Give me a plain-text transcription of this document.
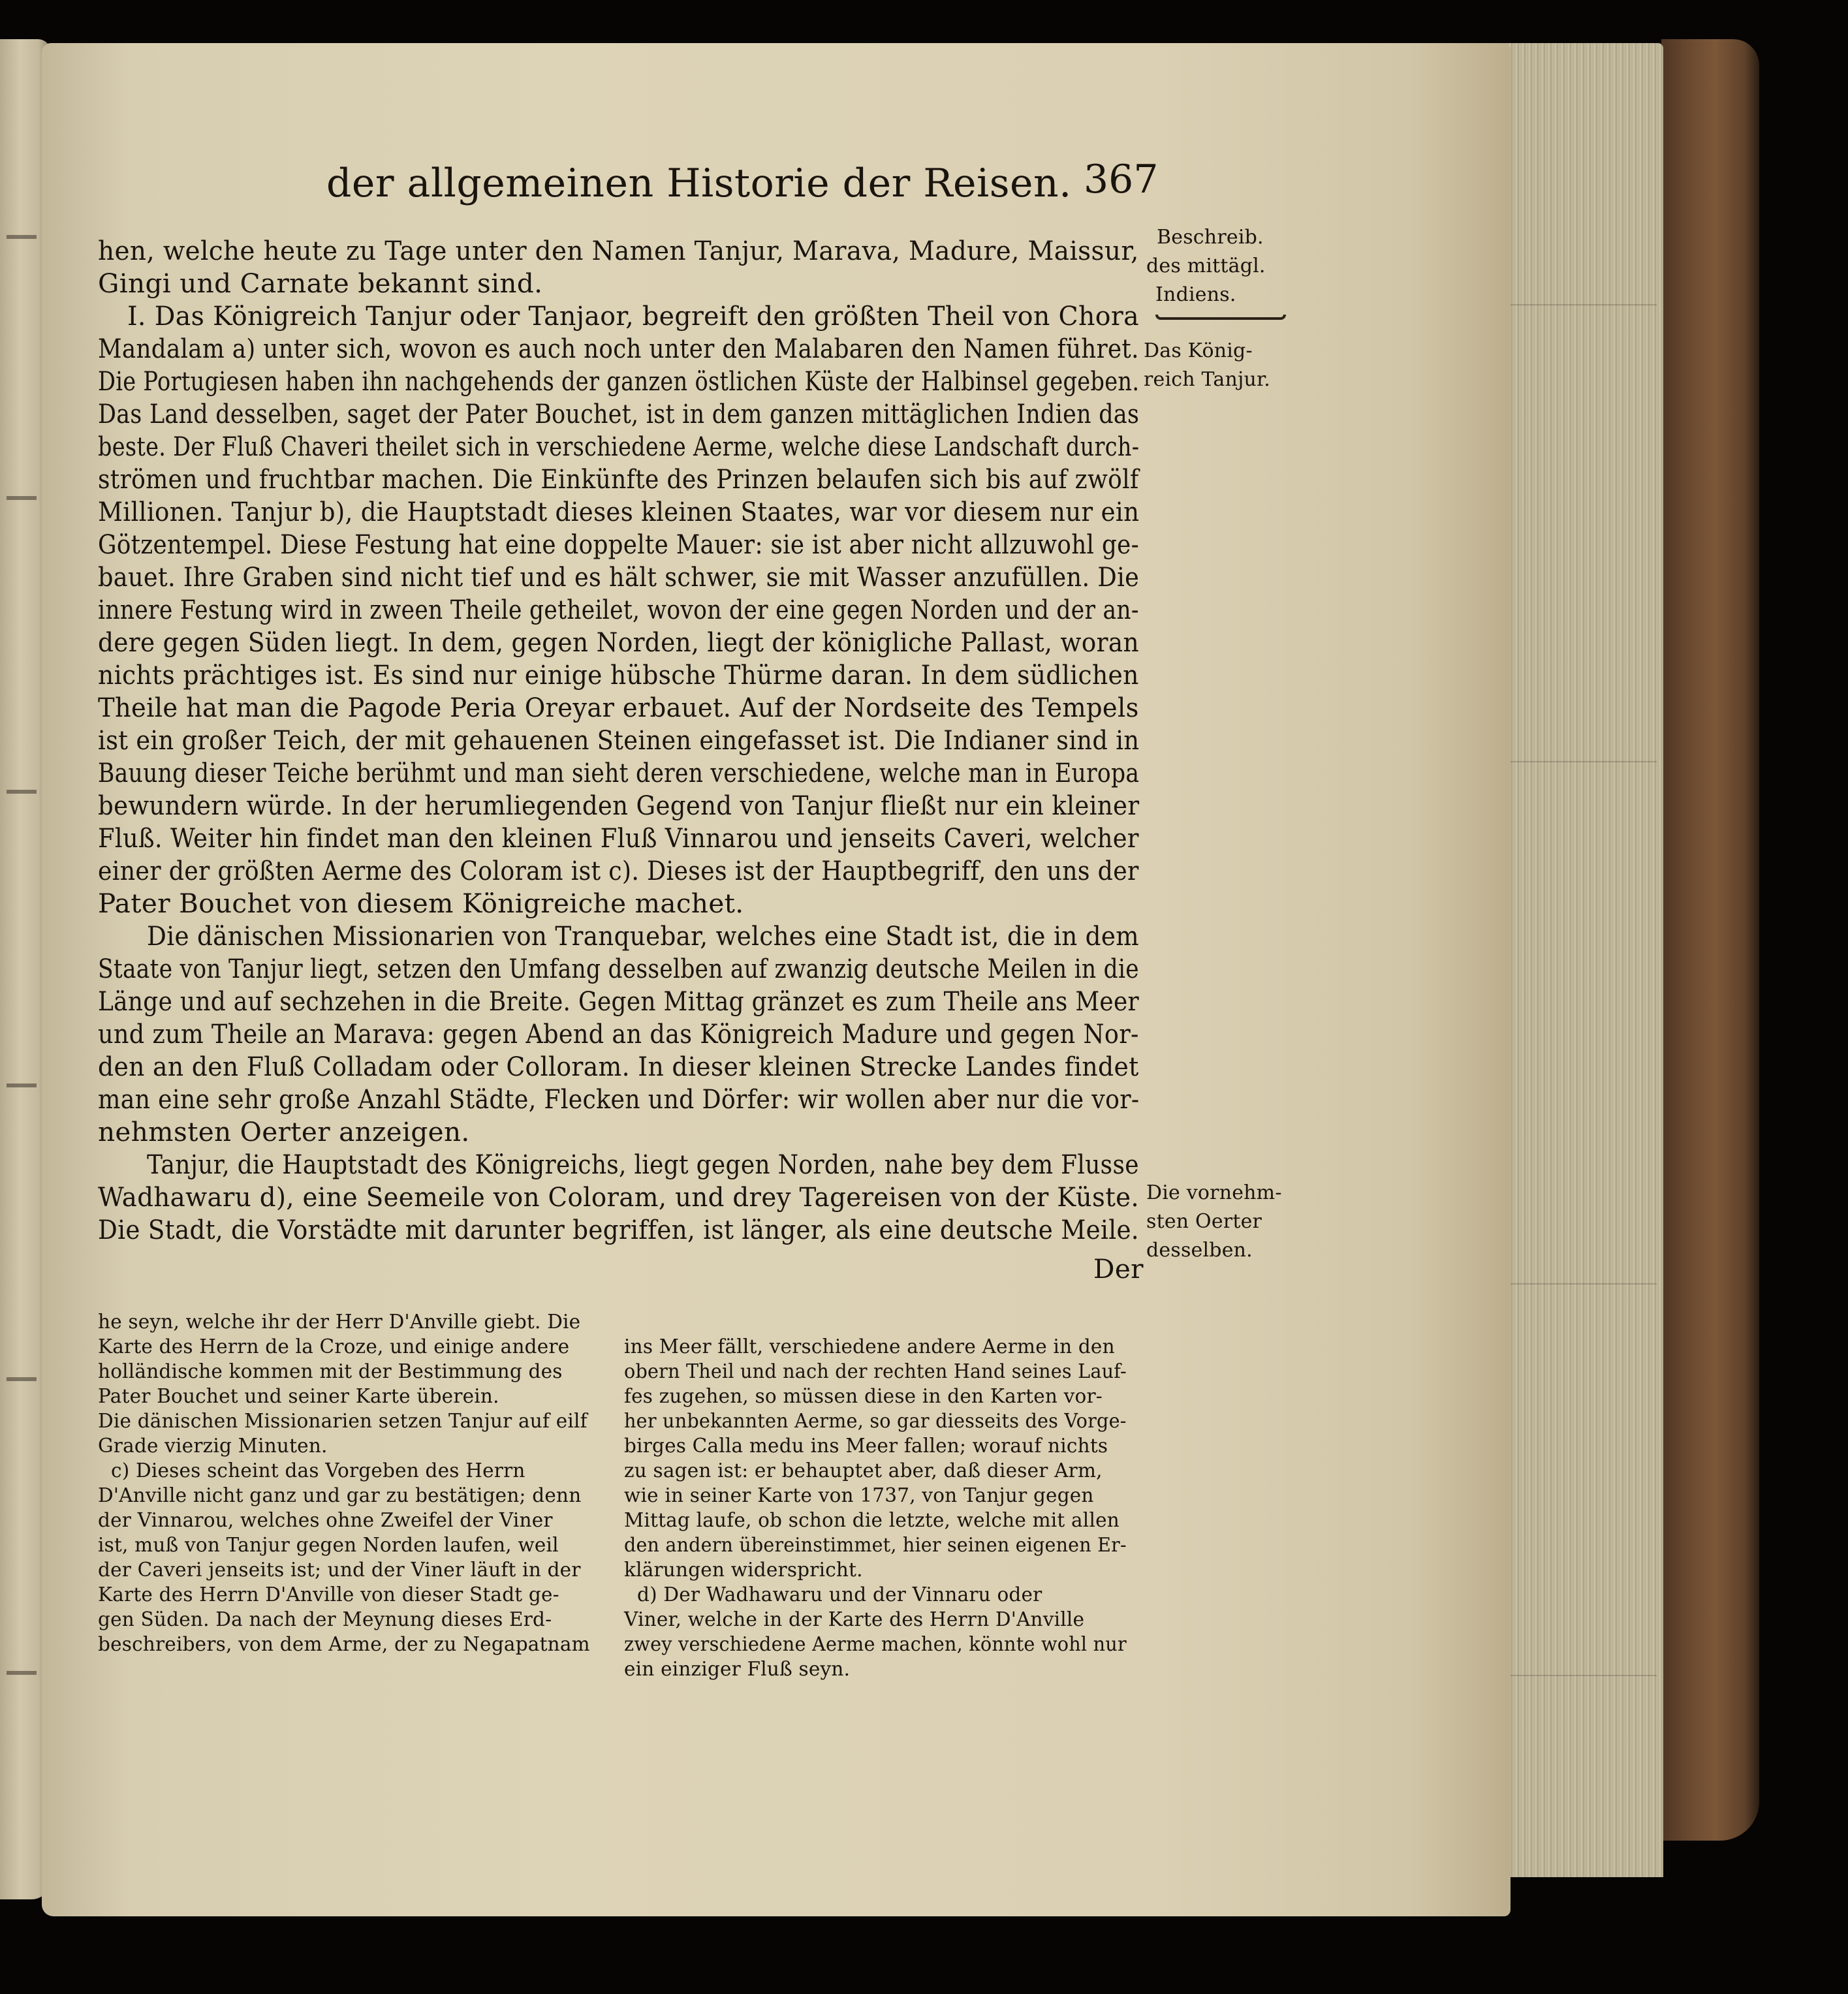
der allgemeinen Historie der Reisen. 367
hen, welche heute zu Tage unter den Namen Tanjur, Marava, Madure, Maissur,
Gingi und Carnate bekannt sind.
I. Das Königreich Tanjur oder Tanjaor, begreift den größten Theil von Chora
Mandalam a) unter sich, wovon es auch noch unter den Malabaren den Namen führet.
Die Portugiesen haben ihn nachgehends der ganzen östlichen Küste der Halbinsel gegeben.
Das Land desselben, saget der Pater Bouchet, ist in dem ganzen mittäglichen Indien das
beste. Der Fluß Chaveri theilet sich in verschiedene Aerme, welche diese Landschaft durch-
strömen und fruchtbar machen. Die Einkünfte des Prinzen belaufen sich bis auf zwölf
Millionen. Tanjur b), die Hauptstadt dieses kleinen Staates, war vor diesem nur ein
Götzentempel. Diese Festung hat eine doppelte Mauer: sie ist aber nicht allzuwohl ge-
bauet. Ihre Graben sind nicht tief und es hält schwer, sie mit Wasser anzufüllen. Die
innere Festung wird in zween Theile getheilet, wovon der eine gegen Norden und der an-
dere gegen Süden liegt. In dem, gegen Norden, liegt der königliche Pallast, woran
nichts prächtiges ist. Es sind nur einige hübsche Thürme daran. In dem südlichen
Theile hat man die Pagode Peria Oreyar erbauet. Auf der Nordseite des Tempels
ist ein großer Teich, der mit gehauenen Steinen eingefasset ist. Die Indianer sind in
Bauung dieser Teiche berühmt und man sieht deren verschiedene, welche man in Europa
bewundern würde. In der herumliegenden Gegend von Tanjur fließt nur ein kleiner
Fluß. Weiter hin findet man den kleinen Fluß Vinnarou und jenseits Caveri, welcher
einer der größten Aerme des Coloram ist c). Dieses ist der Hauptbegriff, den uns der
Pater Bouchet von diesem Königreiche machet.
Die dänischen Missionarien von Tranquebar, welches eine Stadt ist, die in dem
Staate von Tanjur liegt, setzen den Umfang desselben auf zwanzig deutsche Meilen in die
Länge und auf sechzehen in die Breite. Gegen Mittag gränzet es zum Theile ans Meer
und zum Theile an Marava: gegen Abend an das Königreich Madure und gegen Nor-
den an den Fluß Colladam oder Colloram. In dieser kleinen Strecke Landes findet
man eine sehr große Anzahl Städte, Flecken und Dörfer: wir wollen aber nur die vor-
nehmsten Oerter anzeigen.
Tanjur, die Hauptstadt des Königreichs, liegt gegen Norden, nahe bey dem Flusse
Wadhawaru d), eine Seemeile von Coloram, und drey Tagereisen von der Küste.
Die Stadt, die Vorstädte mit darunter begriffen, ist länger, als eine deutsche Meile.
Der
Beschreib.
des mittägl.
Indiens.
Das König-
reich Tanjur.
Die vornehm-
sten Oerter
desselben.
he seyn, welche ihr der Herr D'Anville giebt. Die
Karte des Herrn de la Croze, und einige andere
holländische kommen mit der Bestimmung des
Pater Bouchet und seiner Karte überein.
Die dänischen Missionarien setzen Tanjur auf eilf
Grade vierzig Minuten.
c) Dieses scheint das Vorgeben des Herrn
D'Anville nicht ganz und gar zu bestätigen; denn
der Vinnarou, welches ohne Zweifel der Viner
ist, muß von Tanjur gegen Norden laufen, weil
der Caveri jenseits ist; und der Viner läuft in der
Karte des Herrn D'Anville von dieser Stadt ge-
gen Süden. Da nach der Meynung dieses Erd-
beschreibers, von dem Arme, der zu Negapatnam
ins Meer fällt, verschiedene andere Aerme in den
obern Theil und nach der rechten Hand seines Lauf-
fes zugehen, so müssen diese in den Karten vor-
her unbekannten Aerme, so gar diesseits des Vorge-
birges Calla medu ins Meer fallen; worauf nichts
zu sagen ist: er behauptet aber, daß dieser Arm,
wie in seiner Karte von 1737, von Tanjur gegen
Mittag laufe, ob schon die letzte, welche mit allen
den andern übereinstimmet, hier seinen eigenen Er-
klärungen widerspricht.
d) Der Wadhawaru und der Vinnaru oder
Viner, welche in der Karte des Herrn D'Anville
zwey verschiedene Aerme machen, könnte wohl nur
ein einziger Fluß seyn.
